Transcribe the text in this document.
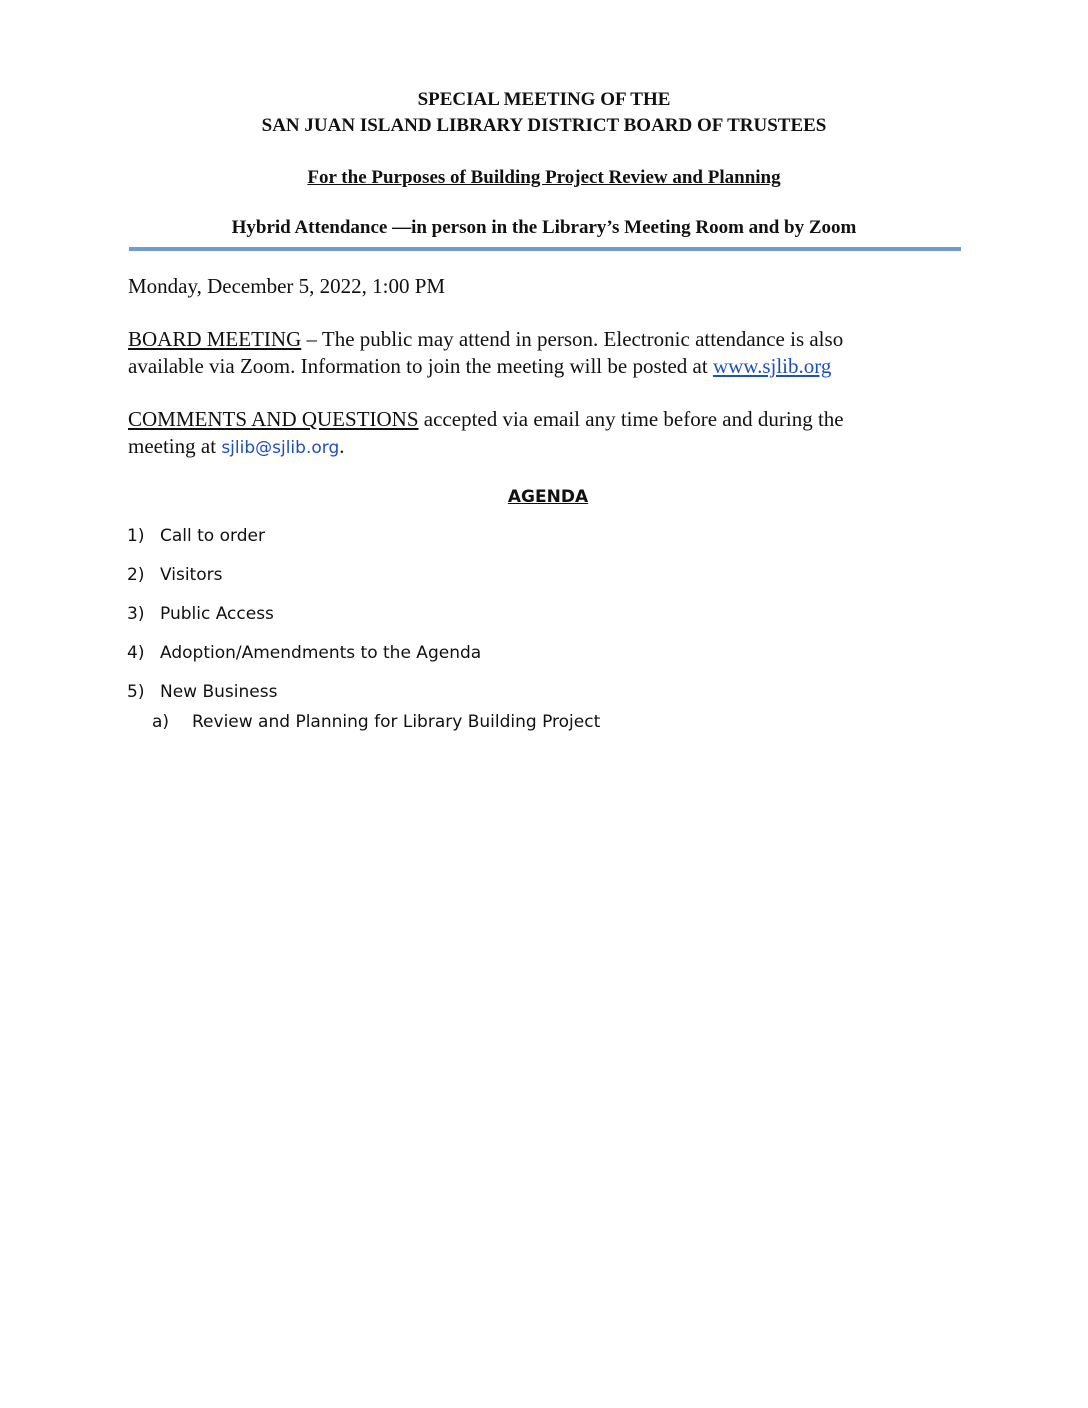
SPECIAL MEETING OF THE
SAN JUAN ISLAND LIBRARY DISTRICT BOARD OF TRUSTEES
For the Purposes of Building Project Review and Planning
Hybrid Attendance —in person in the Library’s Meeting Room and by Zoom
Monday, December 5, 2022, 1:00 PM
BOARD MEETING – The public may attend in person. Electronic attendance is also
available via Zoom. Information to join the meeting will be posted at www.sjlib.org
COMMENTS AND QUESTIONS accepted via email any time before and during the
meeting at sjlib@sjlib.org.
AGENDA
1) Call to order
2) Visitors
3) Public Access
4) Adoption/Amendments to the Agenda
5) New Business
a) Review and Planning for Library Building Project
